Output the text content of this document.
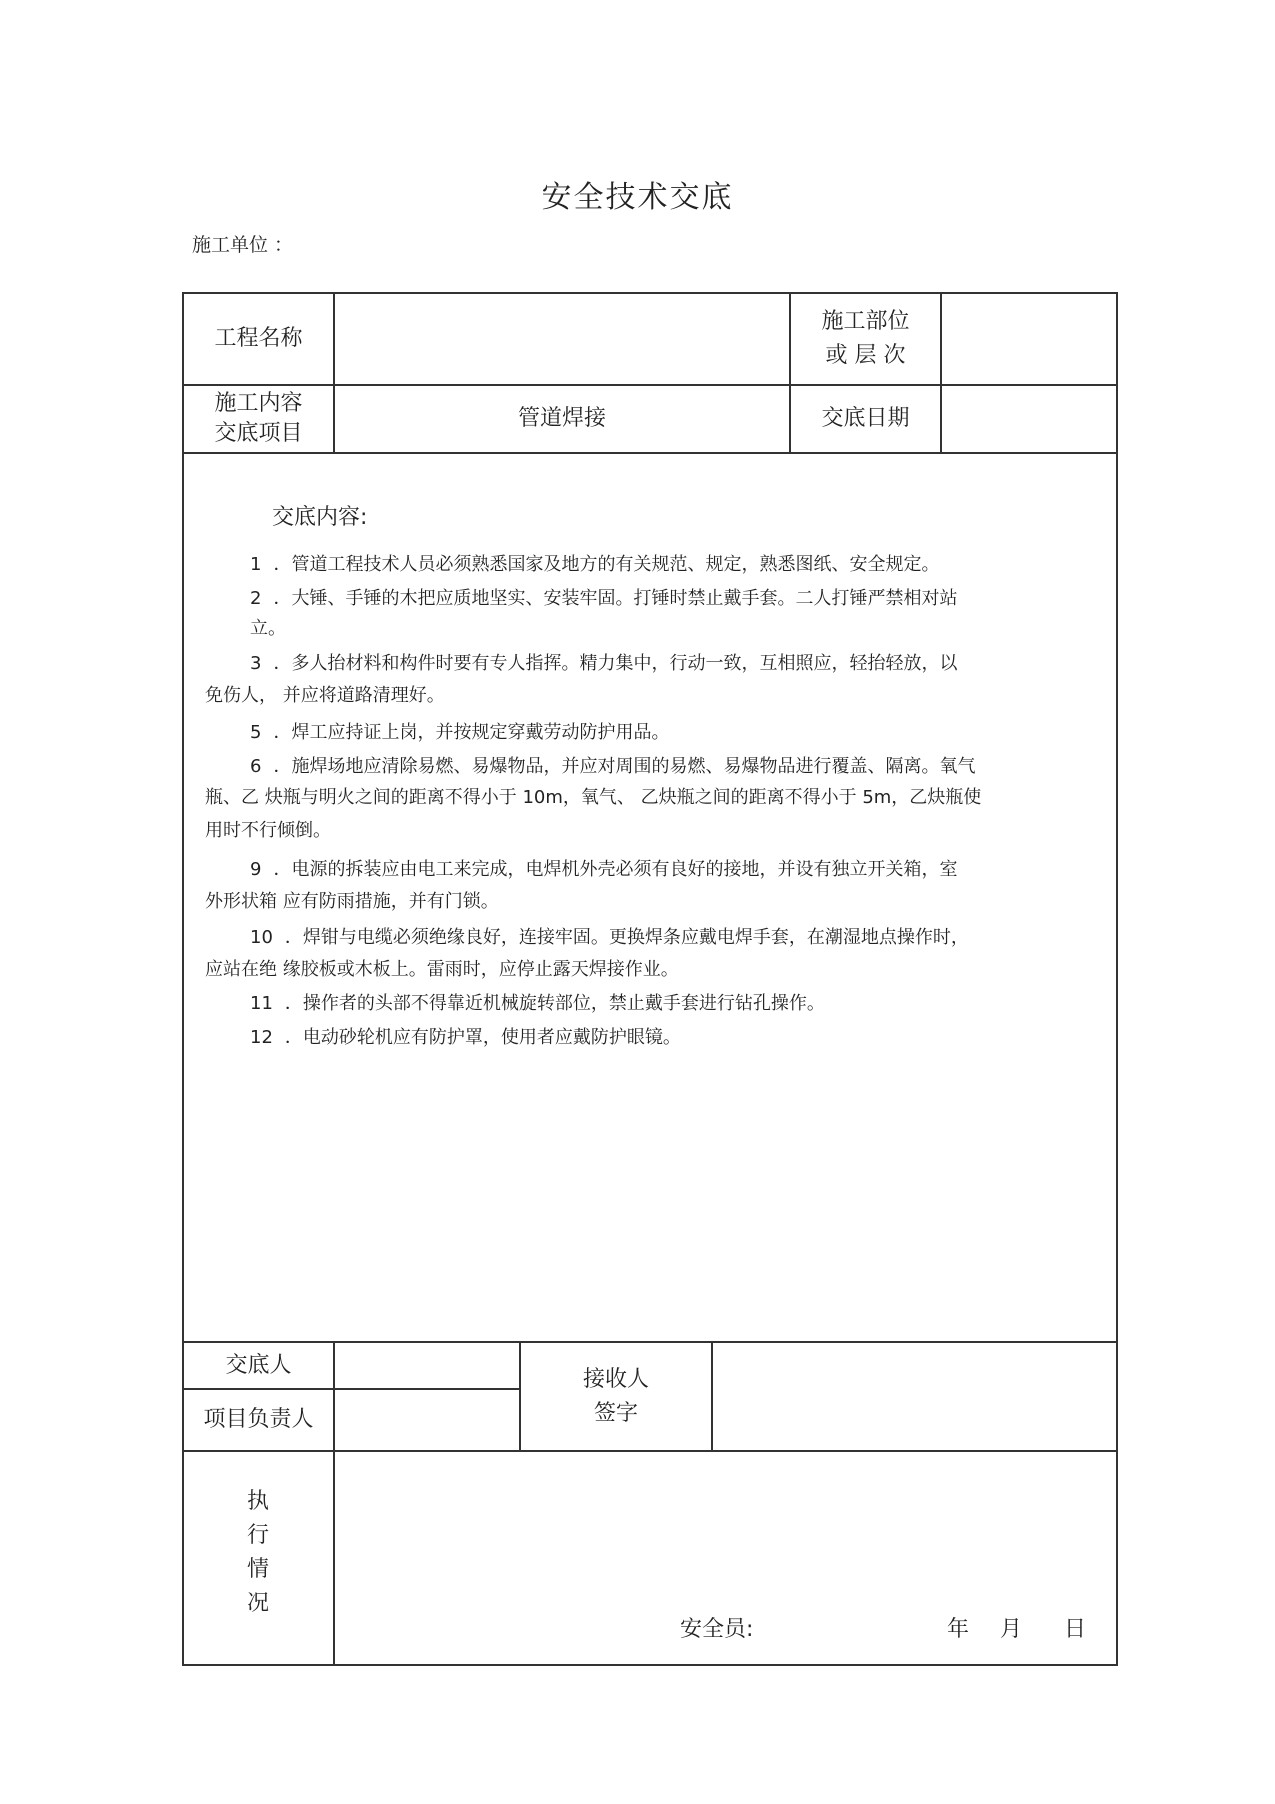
安全技术交底
施工单位 ：
工程名称
施工部位
或 层 次
施工内容
交底项目
管道焊接	交底日期
交底内容:
1 ．管道工程技术人员必须熟悉国家及地方的有关规范、规定，熟悉图纸、安全规定。
2 ．大锤、手锤的木把应质地坚实、安装牢固。打锤时禁止戴手套。二人打锤严禁相对站
立。
3 ．多人抬材料和构件时要有专人指挥。精力集中，行动一致，互相照应，轻抬轻放，以
免伤人， 并应将道路清理好。
5 ．焊工应持证上岗，并按规定穿戴劳动防护用品。
6 ．施焊场地应清除易燃、易爆物品，并应对周围的易燃、易爆物品进行覆盖、隔离。氧气
瓶、乙 炔瓶与明火之间的距离不得小于 10m，氧气、 乙炔瓶之间的距离不得小于 5m，乙炔瓶使
用时不行倾倒。
9 ．电源的拆装应由电工来完成，电焊机外壳必须有良好的接地，并设有独立开关箱，室
外形状箱 应有防雨措施，并有门锁。
10 ．焊钳与电缆必须绝缘良好，连接牢固。更换焊条应戴电焊手套，在潮湿地点操作时，
应站在绝 缘胶板或木板上。雷雨时，应停止露天焊接作业。
11 ．操作者的头部不得靠近机械旋转部位，禁止戴手套进行钻孔操作。
12 ．电动砂轮机应有防护罩，使用者应戴防护眼镜。
交底人
项目负责人
接收人
签字
执
行
情
况
安全员:	年 月 日
